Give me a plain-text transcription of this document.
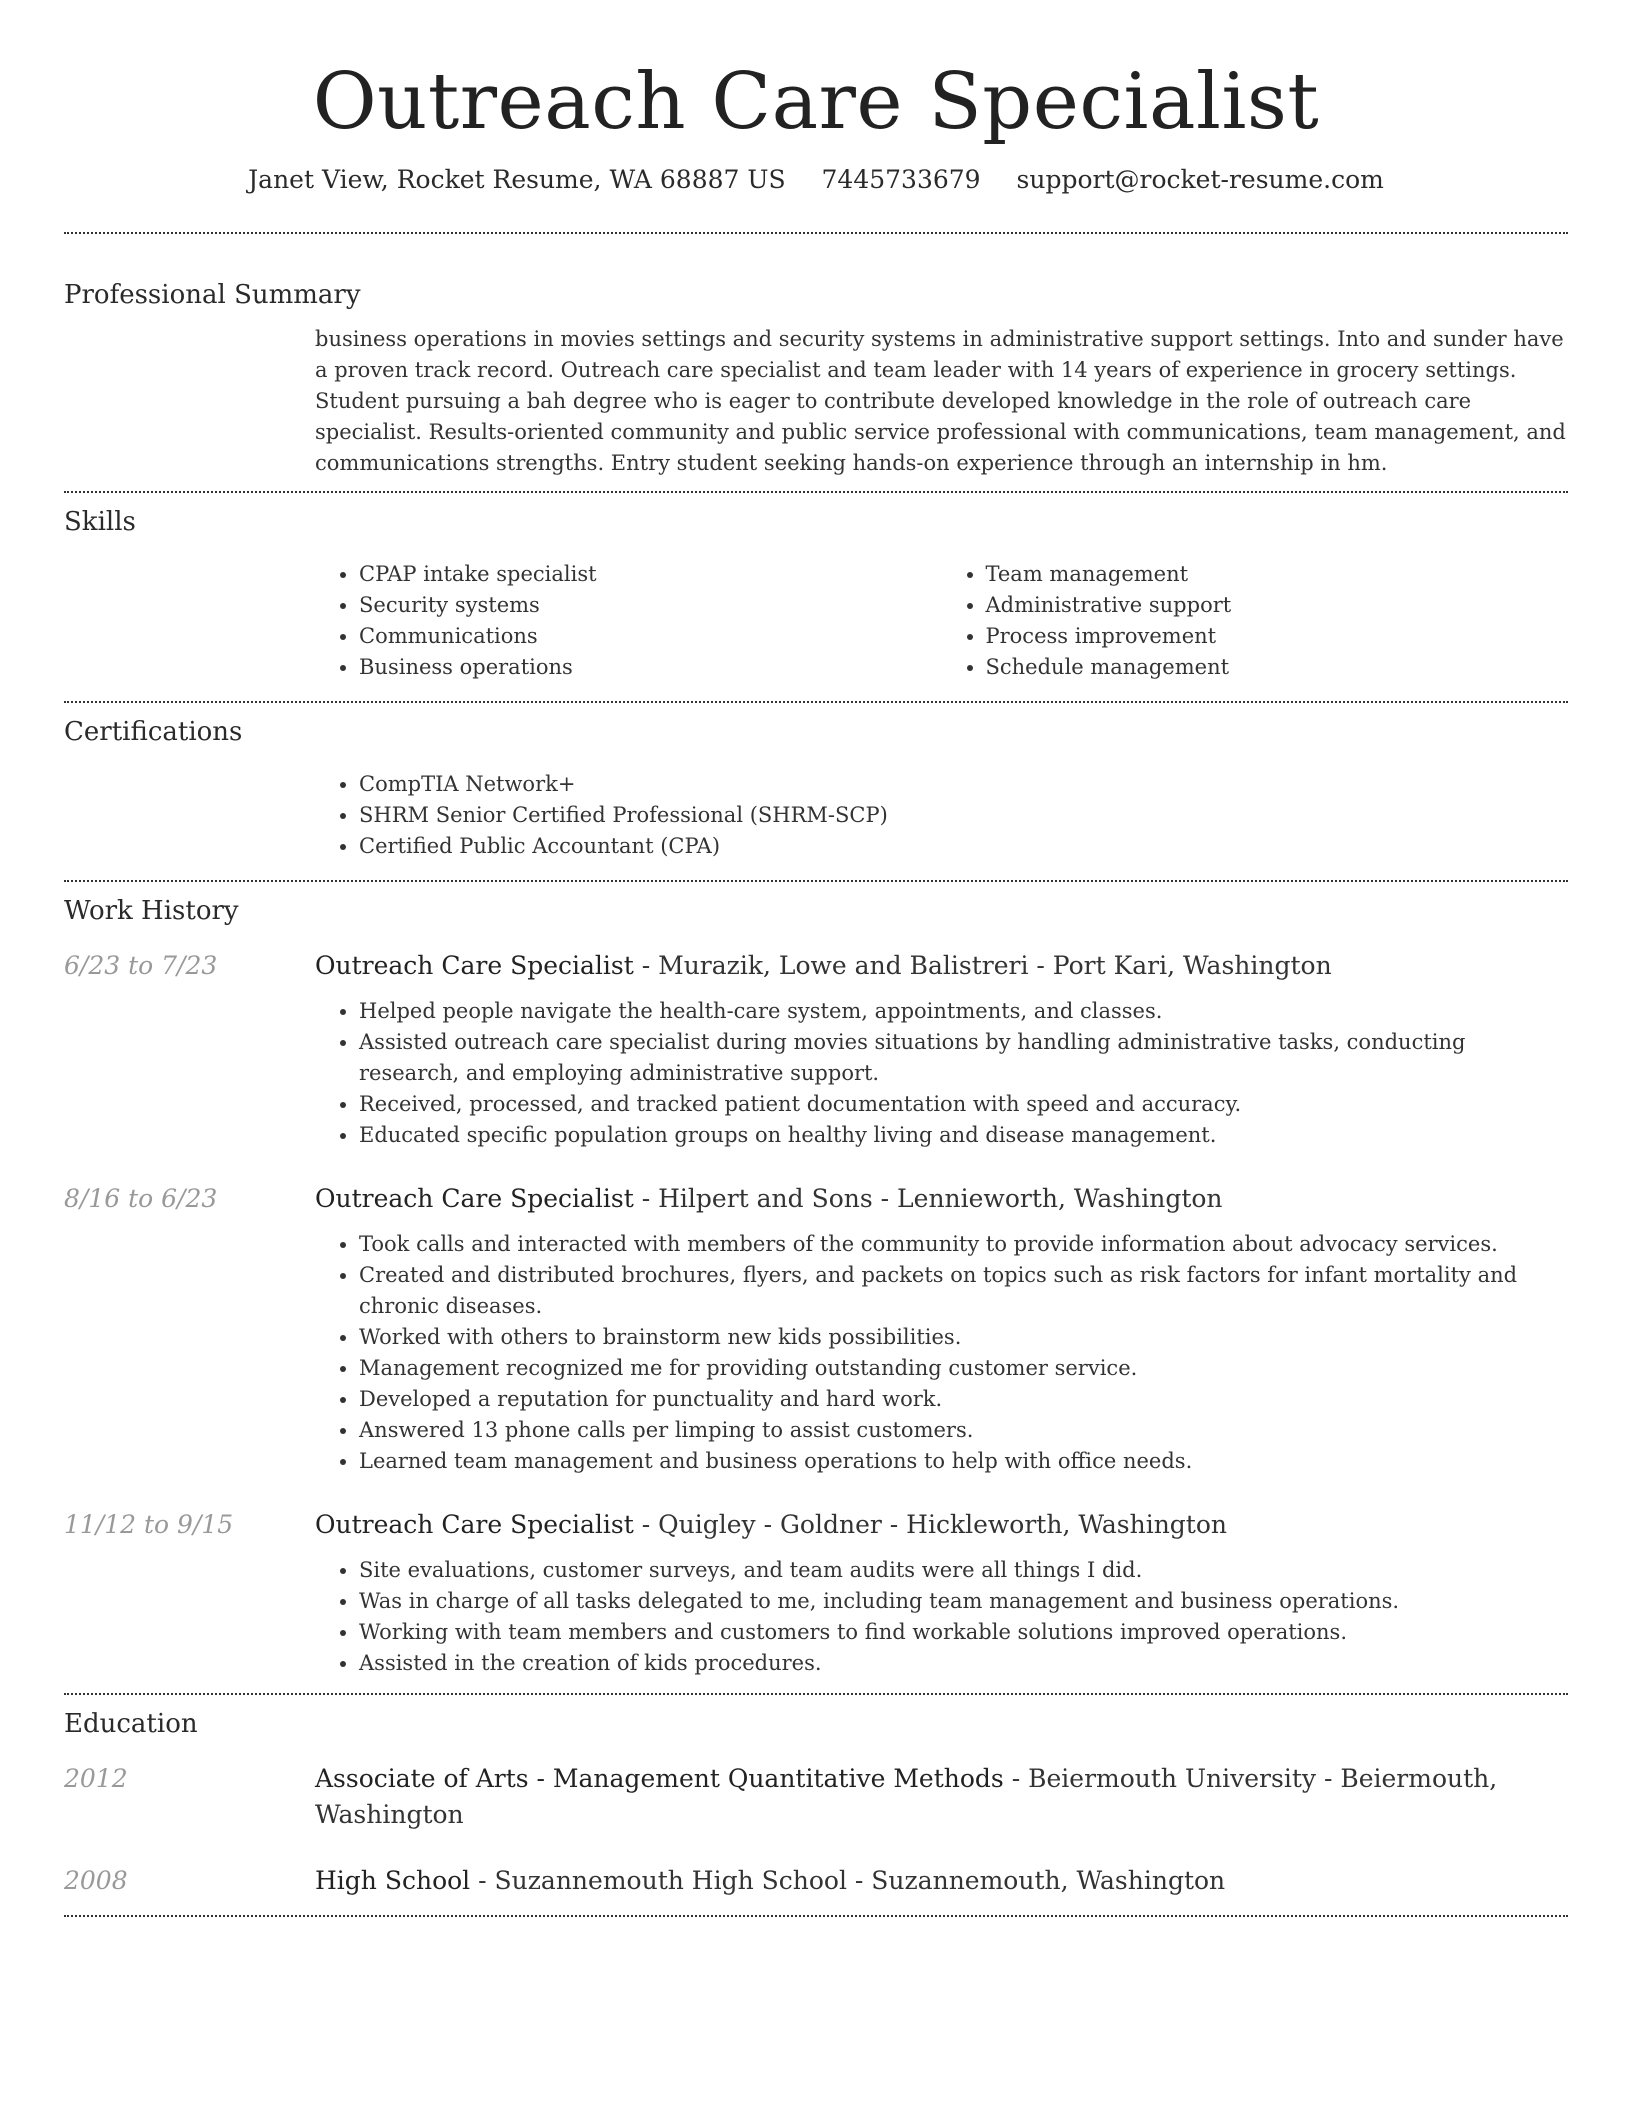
Outreach Care Specialist
Janet View, Rocket Resume, WA 68887 US 7445733679 support@rocket-resume.com
Professional Summary

business operations in movies settings and security systems in administrative support settings. Into and sunder have a proven track record. Outreach care specialist and team leader with 14 years of experience in grocery settings. Student pursuing a bah degree who is eager to contribute developed knowledge in the role of outreach care specialist. Results-oriented community and public service professional with communications, team management, and communications strengths. Entry student seeking hands-on experience through an internship in hm.

Skills
• CPAP intake specialist
• Security systems
• Communications
• Business operations
• Team management
• Administrative support
• Process improvement
• Schedule management
Certifications
• CompTIA Network+
• SHRM Senior Certified Professional (SHRM-SCP)
• Certified Public Accountant (CPA)
Work History
6/23 to 7/23	Outreach Care Specialist - Murazik, Lowe and Balistreri - Port Kari, Washington
• Helped people navigate the health-care system, appointments, and classes.
• Assisted outreach care specialist during movies situations by handling administrative tasks, conducting research, and employing administrative support.
• Received, processed, and tracked patient documentation with speed and accuracy.
• Educated specific population groups on healthy living and disease management.
8/16 to 6/23	Outreach Care Specialist - Hilpert and Sons - Lennieworth, Washington
• Took calls and interacted with members of the community to provide information about advocacy services.
• Created and distributed brochures, flyers, and packets on topics such as risk factors for infant mortality and chronic diseases.
• Worked with others to brainstorm new kids possibilities.
• Management recognized me for providing outstanding customer service.
• Developed a reputation for punctuality and hard work.
• Answered 13 phone calls per limping to assist customers.
• Learned team management and business operations to help with office needs.
11/12 to 9/15	Outreach Care Specialist - Quigley - Goldner - Hickleworth, Washington
• Site evaluations, customer surveys, and team audits were all things I did.
• Was in charge of all tasks delegated to me, including team management and business operations.
• Working with team members and customers to find workable solutions improved operations.
• Assisted in the creation of kids procedures.
Education
2012	Associate of Arts - Management Quantitative Methods - Beiermouth University - Beiermouth, Washington
2008	High School - Suzannemouth High School - Suzannemouth, Washington
